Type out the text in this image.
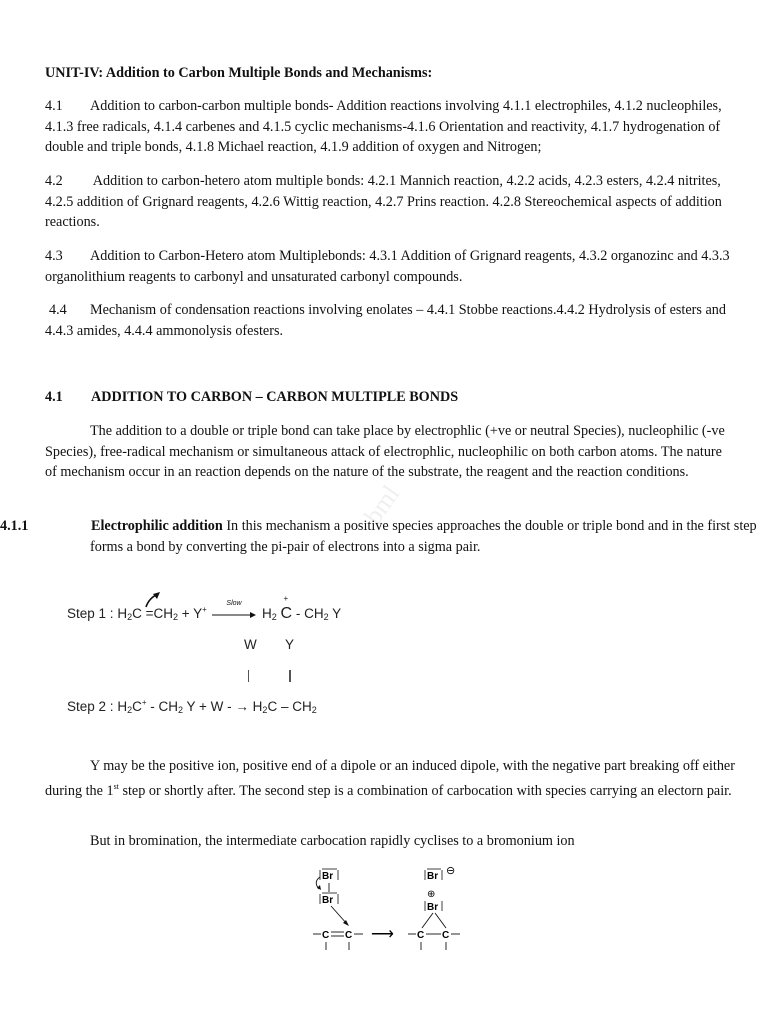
bml

UNIT-IV: Addition to Carbon Multiple Bonds and Mechanisms:

4.1 Addition to carbon-carbon multiple bonds- Addition reactions involving 4.1.1 electrophiles, 4.1.2 nucleophiles, 4.1.3 free radicals, 4.1.4 carbenes and 4.1.5 cyclic mechanisms-4.1.6 Orientation and reactivity, 4.1.7 hydrogenation of double and triple bonds, 4.1.8 Michael reaction, 4.1.9 addition of oxygen and Nitrogen;

4.2 Addition to carbon-hetero atom multiple bonds: 4.2.1 Mannich reaction, 4.2.2 acids, 4.2.3 esters, 4.2.4 nitrites, 4.2.5 addition of Grignard reagents, 4.2.6 Wittig reaction, 4.2.7 Prins reaction. 4.2.8 Stereochemical aspects of addition reactions.

4.3 Addition to Carbon-Hetero atom Multiplebonds: 4.3.1 Addition of Grignard reagents, 4.3.2 organozinc and 4.3.3 organolithium reagents to carbonyl and unsaturated carbonyl compounds.

4.4 Mechanism of condensation reactions involving enolates – 4.4.1 Stobbe reactions.4.4.2 Hydrolysis of esters and 4.4.3 amides, 4.4.4 ammonolysis ofesters.

4.1 ADDITION TO CARBON – CARBON MULTIPLE BONDS

The addition to a double or triple bond can take place by electrophlic (+ve or neutral Species), nucleophilic (-ve Species), free-radical mechanism or simultaneous attack of electrophlic, nucleophilic on both carbon atoms. The nature of mechanism occur in an reaction depends on the nature of the substrate, the reagent and the reaction conditions.

4.1.1	Electrophilic addition In this mechanism a positive species approaches the double or triple bond and in the first step forms a bond by converting the pi-pair of electrons into a sigma pair.

Step 1 : $H_2C =CH_2 + Y^+$
Slow
$H_2$
+
C - $CH_2$ Y
W Y
Step 2 : $H_2C^+ - CH_2$ Y + W - → $H_2C - CH_2$

Y may be the positive ion, positive end of a dipole or an induced dipole, with the negative part breaking off either during the 1st step or shortly after. The second step is a combination of carbocation with species carrying an electorn pair.

But in bromination, the intermediate carbocation rapidly cyclises to a bromonium ion

Br
Br
C C ⟶
Br ⊖
⊕
Br
C C
